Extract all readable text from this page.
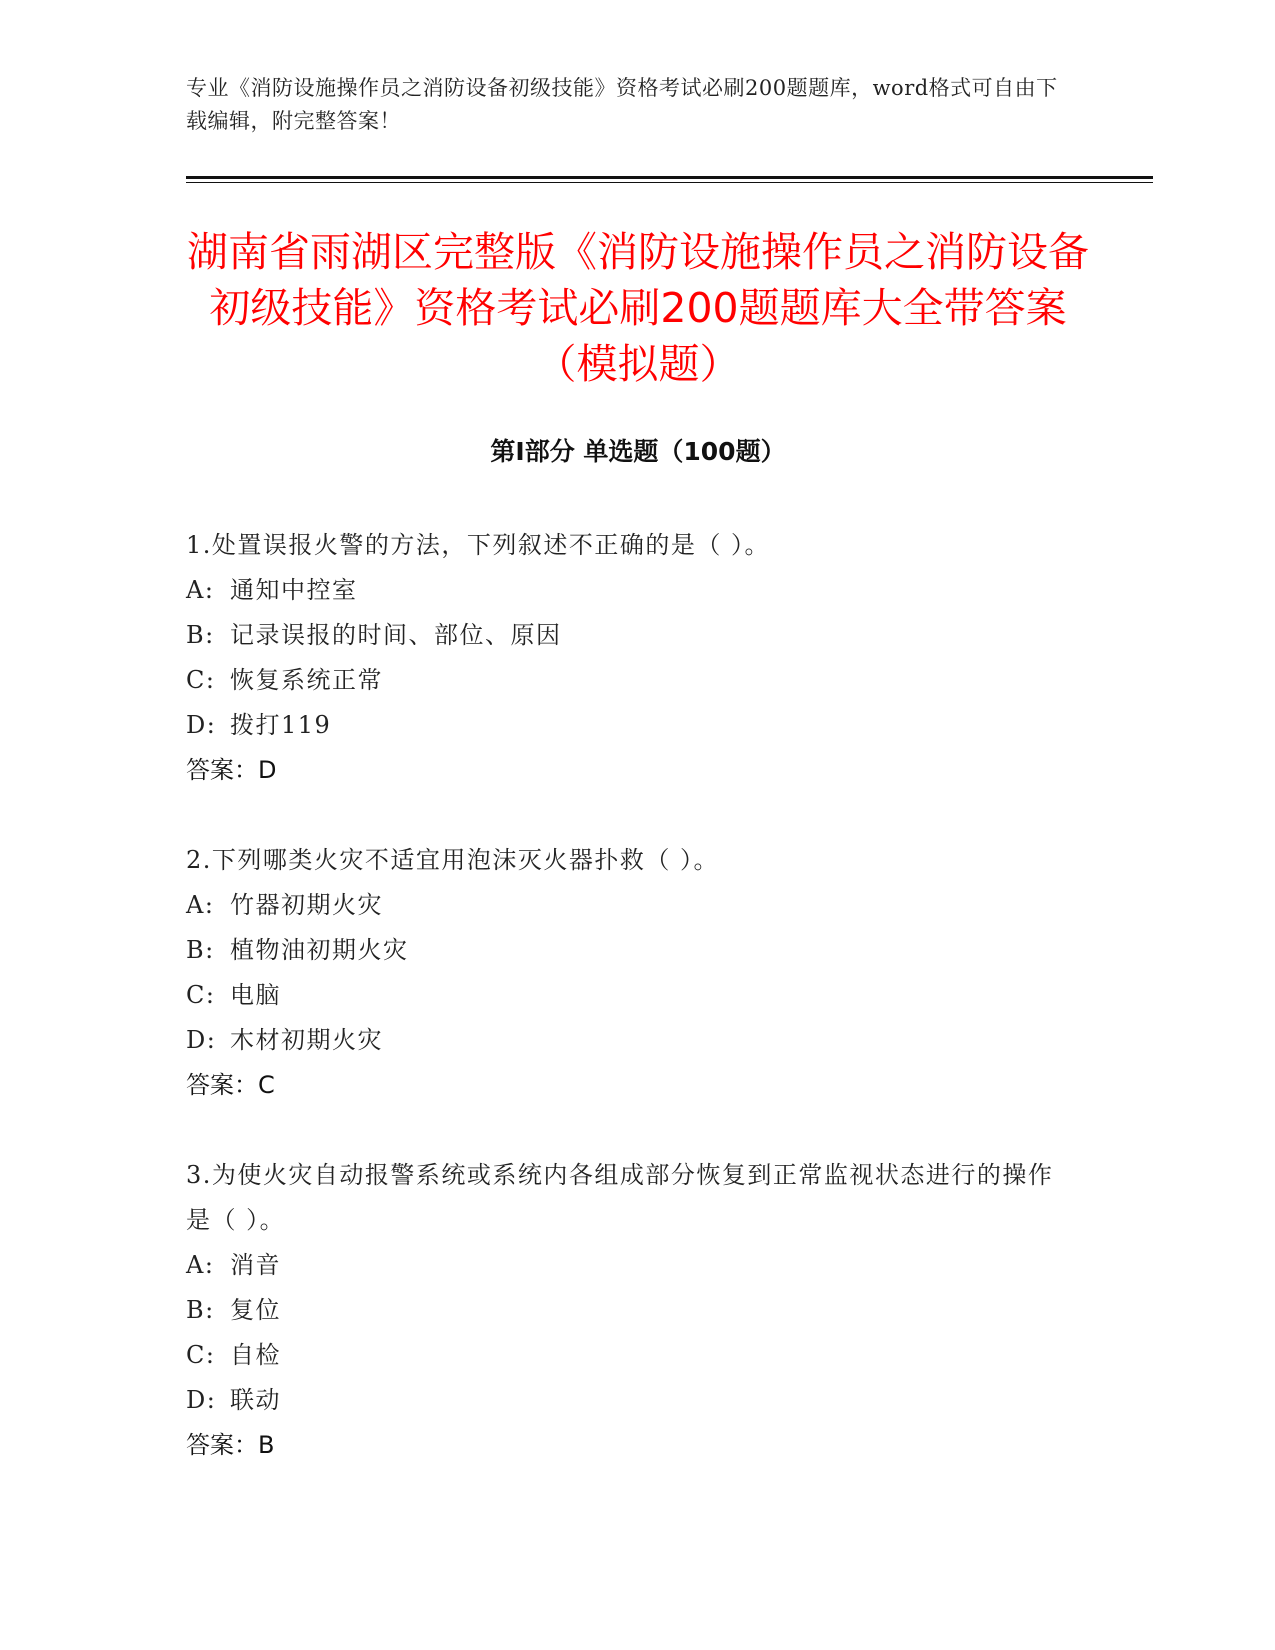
专业《消防设施操作员之消防设备初级技能》资格考试必刷200题题库，word格式可自由下载编辑，附完整答案！
湖南省雨湖区完整版《消防设施操作员之消防设备初级技能》资格考试必刷200题题库大全带答案（模拟题）
第Ⅰ部分 单选题（100题）
1.处置误报火警的方法，下列叙述不正确的是（ ）。
A: 通知中控室
B: 记录误报的时间、部位、原因
C: 恢复系统正常
D: 拨打119
答案：D
2.下列哪类火灾不适宜用泡沫灭火器扑救（ ）。
A: 竹器初期火灾
B: 植物油初期火灾
C: 电脑
D: 木材初期火灾
答案：C
3.为使火灾自动报警系统或系统内各组成部分恢复到正常监视状态进行的操作是（ ）。
A: 消音
B: 复位
C: 自检
D: 联动
答案：B
